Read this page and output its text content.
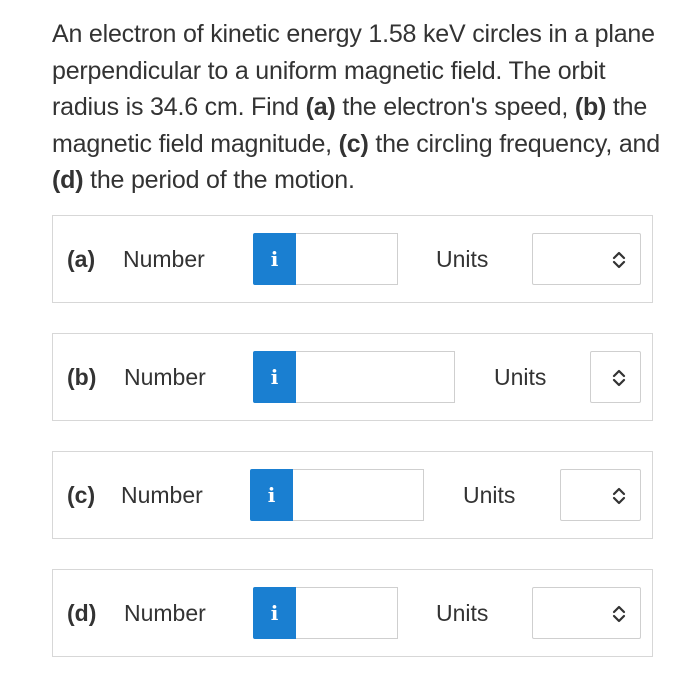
An electron of kinetic energy 1.58 keV circles in a plane perpendicular to a uniform magnetic field. The orbit radius is 34.6 cm. Find (a) the electron's speed, (b) the magnetic field magnitude, (c) the circling frequency, and (d) the period of the motion.
(a) Number	i	Units
(b) Number	i	Units
(c) Number	i	Units
(d) Number	i	Units
